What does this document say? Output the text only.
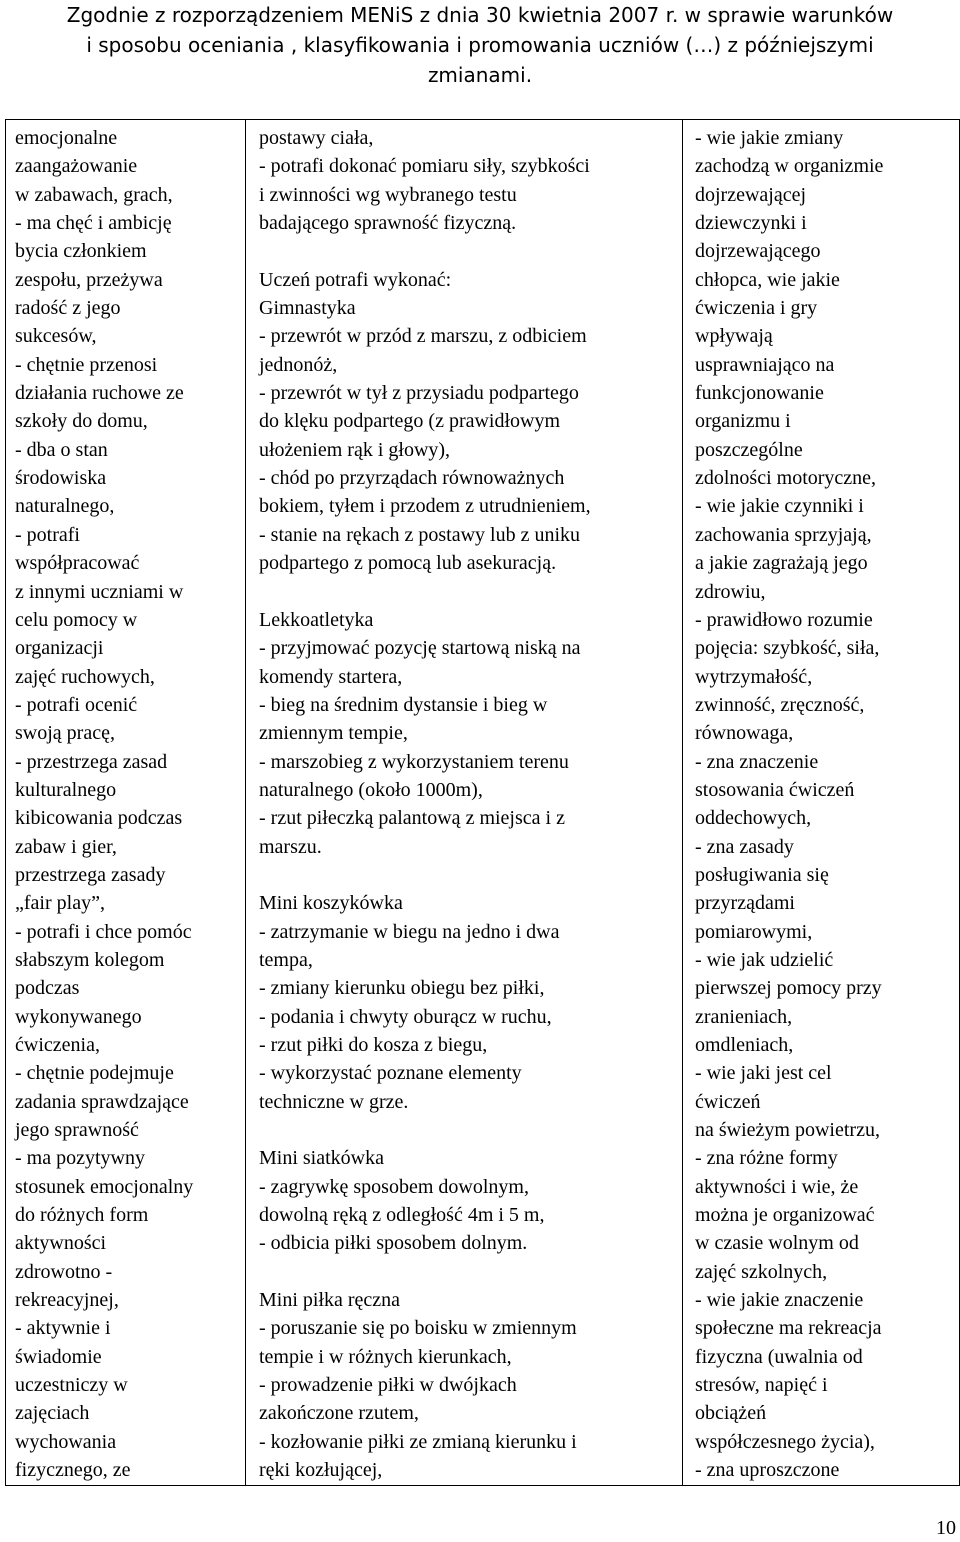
Zgodnie z rozporządzeniem MENiS z dnia 30 kwietnia 2007 r. w sprawie warunków
i sposobu oceniania , klasyfikowania i promowania uczniów (…) z późniejszymi
zmianami.
emocjonalne
zaangażowanie
w zabawach, grach,
- ma chęć i ambicję
bycia członkiem
zespołu, przeżywa
radość z jego
sukcesów,
- chętnie przenosi
działania ruchowe ze
szkoły do domu,
- dba o stan
środowiska
naturalnego,
- potrafi
współpracować
z innymi uczniami w
celu pomocy w
organizacji
zajęć ruchowych,
- potrafi ocenić
swoją pracę,
- przestrzega zasad
kulturalnego
kibicowania podczas
zabaw i gier,
przestrzega zasady
„fair play”,
- potrafi i chce pomóc
słabszym kolegom
podczas
wykonywanego
ćwiczenia,
- chętnie podejmuje
zadania sprawdzające
jego sprawność
- ma pozytywny
stosunek emocjonalny
do różnych form
aktywności
zdrowotno -
rekreacyjnej,
- aktywnie i
świadomie
uczestniczy w
zajęciach
wychowania
fizycznego, ze

postawy ciała,
- potrafi dokonać pomiaru siły, szybkości
i zwinności wg wybranego testu
badającego sprawność fizyczną.
Uczeń potrafi wykonać:
Gimnastyka
- przewrót w przód z marszu, z odbiciem
jednonóż,
- przewrót w tył z przysiadu podpartego
do klęku podpartego (z prawidłowym
ułożeniem rąk i głowy),
- chód po przyrządach równoważnych
bokiem, tyłem i przodem z utrudnieniem,
- stanie na rękach z postawy lub z uniku
podpartego z pomocą lub asekuracją.
Lekkoatletyka
- przyjmować pozycję startową niską na
komendy startera,
- bieg na średnim dystansie i bieg w
zmiennym tempie,
- marszobieg z wykorzystaniem terenu
naturalnego (około 1000m),
- rzut piłeczką palantową z miejsca i z
marszu.
Mini koszykówka
- zatrzymanie w biegu na jedno i dwa
tempa,
- zmiany kierunku obiegu bez piłki,
- podania i chwyty oburącz w ruchu,
- rzut piłki do kosza z biegu,
- wykorzystać poznane elementy
techniczne w grze.
Mini siatkówka
- zagrywkę sposobem dowolnym,
dowolną ręką z odległość 4m i 5 m,
- odbicia piłki sposobem dolnym.
Mini piłka ręczna
- poruszanie się po boisku w zmiennym
tempie i w różnych kierunkach,
- prowadzenie piłki w dwójkach
zakończone rzutem,
- kozłowanie piłki ze zmianą kierunku i
ręki kozłującej,

- wie jakie zmiany
zachodzą w organizmie
dojrzewającej
dziewczynki i
dojrzewającego
chłopca, wie jakie
ćwiczenia i gry
wpływają
usprawniająco na
funkcjonowanie
organizmu i
poszczególne
zdolności motoryczne,
- wie jakie czynniki i
zachowania sprzyjają,
a jakie zagrażają jego
zdrowiu,
- prawidłowo rozumie
pojęcia: szybkość, siła,
wytrzymałość,
zwinność, zręczność,
równowaga,
- zna znaczenie
stosowania ćwiczeń
oddechowych,
- zna zasady
posługiwania się
przyrządami
pomiarowymi,
- wie jak udzielić
pierwszej pomocy przy
zranieniach,
omdleniach,
- wie jaki jest cel
ćwiczeń
na świeżym powietrzu,
- zna różne formy
aktywności i wie, że
można je organizować
w czasie wolnym od
zajęć szkolnych,
- wie jakie znaczenie
społeczne ma rekreacja
fizyczna (uwalnia od
stresów, napięć i
obciążeń
współczesnego życia),
- zna uproszczone
10
